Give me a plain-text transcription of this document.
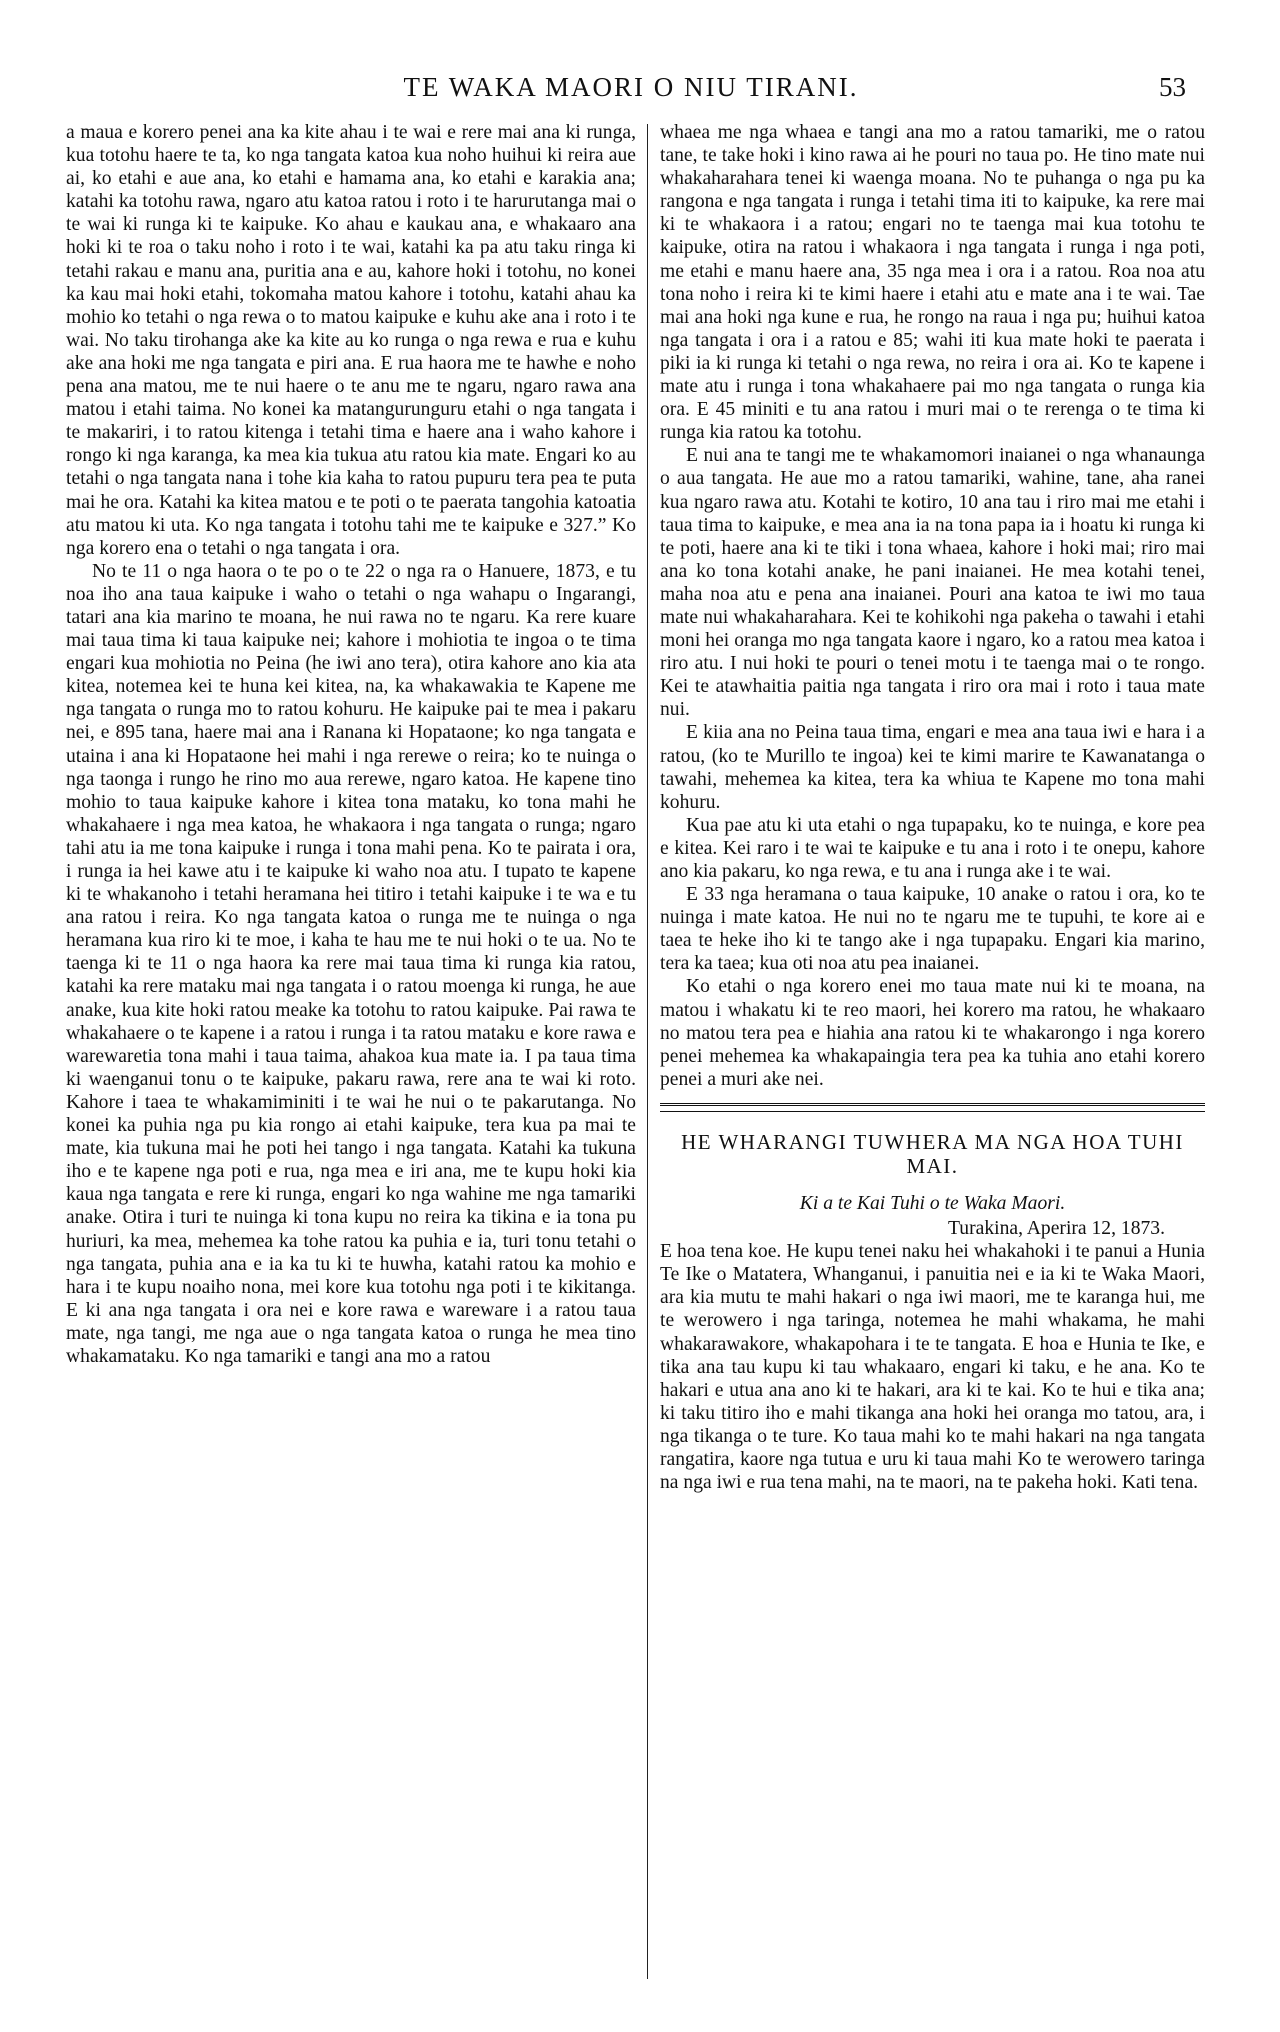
TE WAKA MAORI O NIU TIRANI.	53

a maua e korero penei ana ka kite ahau i te wai e rere mai ana ki runga, kua totohu haere te ta, ko nga tangata katoa kua noho huihui ki reira aue ai, ko etahi e aue ana, ko etahi e hamama ana, ko etahi e karakia ana; katahi ka totohu rawa, ngaro atu katoa ratou i roto i te harurutanga mai o te wai ki runga ki te kaipuke. Ko ahau e kaukau ana, e whakaaro ana hoki ki te roa o taku noho i roto i te wai, katahi ka pa atu taku ringa ki tetahi rakau e manu ana, puritia ana e au, kahore hoki i totohu, no konei ka kau mai hoki etahi, tokomaha matou kahore i totohu, katahi ahau ka mohio ko tetahi o nga rewa o to matou kaipuke e kuhu ake ana i roto i te wai. No taku tirohanga ake ka kite au ko runga o nga rewa e rua e kuhu ake ana hoki me nga tangata e piri ana. E rua haora me te hawhe e noho pena ana matou, me te nui haere o te anu me te ngaru, ngaro rawa ana matou i etahi taima. No konei ka matangurunguru etahi o nga tangata i te makariri, i to ratou kitenga i tetahi tima e haere ana i waho kahore i rongo ki nga karanga, ka mea kia tukua atu ratou kia mate. Engari ko au tetahi o nga tangata nana i tohe kia kaha to ratou pupuru tera pea te puta mai he ora. Katahi ka kitea matou e te poti o te paerata tangohia katoatia atu matou ki uta. Ko nga tangata i totohu tahi me te kaipuke e 327.” Ko nga korero ena o tetahi o nga tangata i ora.

No te 11 o nga haora o te po o te 22 o nga ra o Hanuere, 1873, e tu noa iho ana taua kaipuke i waho o tetahi o nga wahapu o Ingarangi, tatari ana kia marino te moana, he nui rawa no te ngaru. Ka rere kuare mai taua tima ki taua kaipuke nei; kahore i mohiotia te ingoa o te tima engari kua mohiotia no Peina (he iwi ano tera), otira kahore ano kia ata kitea, notemea kei te huna kei kitea, na, ka whakawakia te Kapene me nga tangata o runga mo to ratou kohuru. He kaipuke pai te mea i pakaru nei, e 895 tana, haere mai ana i Ranana ki Hopataone; ko nga tangata e utaina i ana ki Hopataone hei mahi i nga rerewe o reira; ko te nuinga o nga taonga i rungo he rino mo aua rerewe, ngaro katoa. He kapene tino mohio to taua kaipuke kahore i kitea tona mataku, ko tona mahi he whakahaere i nga mea katoa, he whakaora i nga tangata o runga; ngaro tahi atu ia me tona kaipuke i runga i tona mahi pena. Ko te pairata i ora, i runga ia hei kawe atu i te kaipuke ki waho noa atu. I tupato te kapene ki te whakanoho i tetahi heramana hei titiro i tetahi kaipuke i te wa e tu ana ratou i reira. Ko nga tangata katoa o runga me te nuinga o nga heramana kua riro ki te moe, i kaha te hau me te nui hoki o te ua. No te taenga ki te 11 o nga haora ka rere mai taua tima ki runga kia ratou, katahi ka rere mataku mai nga tangata i o ratou moenga ki runga, he aue anake, kua kite hoki ratou meake ka totohu to ratou kaipuke. Pai rawa te whakahaere o te kapene i a ratou i runga i ta ratou mataku e kore rawa e warewaretia tona mahi i taua taima, ahakoa kua mate ia. I pa taua tima ki waenganui tonu o te kaipuke, pakaru rawa, rere ana te wai ki roto. Kahore i taea te whakamiminiti i te wai he nui o te pakarutanga. No konei ka puhia nga pu kia rongo ai etahi kaipuke, tera kua pa mai te mate, kia tukuna mai he poti hei tango i nga tangata. Katahi ka tukuna iho e te kapene nga poti e rua, nga mea e iri ana, me te kupu hoki kia kaua nga tangata e rere ki runga, engari ko nga wahine me nga tamariki anake. Otira i turi te nuinga ki tona kupu no reira ka tikina e ia tona pu huriuri, ka mea, mehemea ka tohe ratou ka puhia e ia, turi tonu tetahi o nga tangata, puhia ana e ia ka tu ki te huwha, katahi ratou ka mohio e hara i te kupu noaiho nona, mei kore kua totohu nga poti i te kikitanga. E ki ana nga tangata i ora nei e kore rawa e wareware i a ratou taua mate, nga tangi, me nga aue o nga tangata katoa o runga he mea tino whakamataku. Ko nga tamariki e tangi ana mo a ratou

whaea me nga whaea e tangi ana mo a ratou tamariki, me o ratou tane, te take hoki i kino rawa ai he pouri no taua po. He tino mate nui whakaharahara tenei ki waenga moana. No te puhanga o nga pu ka rangona e nga tangata i runga i tetahi tima iti to kaipuke, ka rere mai ki te whakaora i a ratou; engari no te taenga mai kua totohu te kaipuke, otira na ratou i whakaora i nga tangata i runga i nga poti, me etahi e manu haere ana, 35 nga mea i ora i a ratou. Roa noa atu tona noho i reira ki te kimi haere i etahi atu e mate ana i te wai. Tae mai ana hoki nga kune e rua, he rongo na raua i nga pu; huihui katoa nga tangata i ora i a ratou e 85; wahi iti kua mate hoki te paerata i piki ia ki runga ki tetahi o nga rewa, no reira i ora ai. Ko te kapene i mate atu i runga i tona whakahaere pai mo nga tangata o runga kia ora. E 45 miniti e tu ana ratou i muri mai o te rerenga o te tima ki runga kia ratou ka totohu.

E nui ana te tangi me te whakamomori inaianei o nga whanaunga o aua tangata. He aue mo a ratou tamariki, wahine, tane, aha ranei kua ngaro rawa atu. Kotahi te kotiro, 10 ana tau i riro mai me etahi i taua tima to kaipuke, e mea ana ia na tona papa ia i hoatu ki runga ki te poti, haere ana ki te tiki i tona whaea, kahore i hoki mai; riro mai ana ko tona kotahi anake, he pani inaianei. He mea kotahi tenei, maha noa atu e pena ana inaianei. Pouri ana katoa te iwi mo taua mate nui whakaharahara. Kei te kohikohi nga pakeha o tawahi i etahi moni hei oranga mo nga tangata kaore i ngaro, ko a ratou mea katoa i riro atu. I nui hoki te pouri o tenei motu i te taenga mai o te rongo. Kei te atawhaitia paitia nga tangata i riro ora mai i roto i taua mate nui.

E kiia ana no Peina taua tima, engari e mea ana taua iwi e hara i a ratou, (ko te Murillo te ingoa) kei te kimi marire te Kawanatanga o tawahi, mehemea ka kitea, tera ka whiua te Kapene mo tona mahi kohuru.

Kua pae atu ki uta etahi o nga tupapaku, ko te nuinga, e kore pea e kitea. Kei raro i te wai te kaipuke e tu ana i roto i te onepu, kahore ano kia pakaru, ko nga rewa, e tu ana i runga ake i te wai.

E 33 nga heramana o taua kaipuke, 10 anake o ratou i ora, ko te nuinga i mate katoa. He nui no te ngaru me te tupuhi, te kore ai e taea te heke iho ki te tango ake i nga tupapaku. Engari kia marino, tera ka taea; kua oti noa atu pea inaianei.

Ko etahi o nga korero enei mo taua mate nui ki te moana, na matou i whakatu ki te reo maori, hei korero ma ratou, he whakaaro no matou tera pea e hiahia ana ratou ki te whakarongo i nga korero penei mehemea ka whakapaingia tera pea ka tuhia ano etahi korero penei a muri ake nei.

HE WHARANGI TUWHERA MA NGA HOA TUHI MAI.

Ki a te Kai Tuhi o te Waka Maori.

Turakina, Aperira 12, 1873.

E hoa tena koe. He kupu tenei naku hei whakahoki i te panui a Hunia Te Ike o Matatera, Whanganui, i panuitia nei e ia ki te Waka Maori, ara kia mutu te mahi hakari o nga iwi maori, me te karanga hui, me te werowero i nga taringa, notemea he mahi whakama, he mahi whakarawakore, whakapohara i te te tangata. E hoa e Hunia te Ike, e tika ana tau kupu ki tau whakaaro, engari ki taku, e he ana. Ko te hakari e utua ana ano ki te hakari, ara ki te kai. Ko te hui e tika ana; ki taku titiro iho e mahi tikanga ana hoki hei oranga mo tatou, ara, i nga tikanga o te ture. Ko taua mahi ko te mahi hakari na nga tangata rangatira, kaore nga tutua e uru ki taua mahi Ko te werowero taringa na nga iwi e rua tena mahi, na te maori, na te pakeha hoki. Kati tena.
